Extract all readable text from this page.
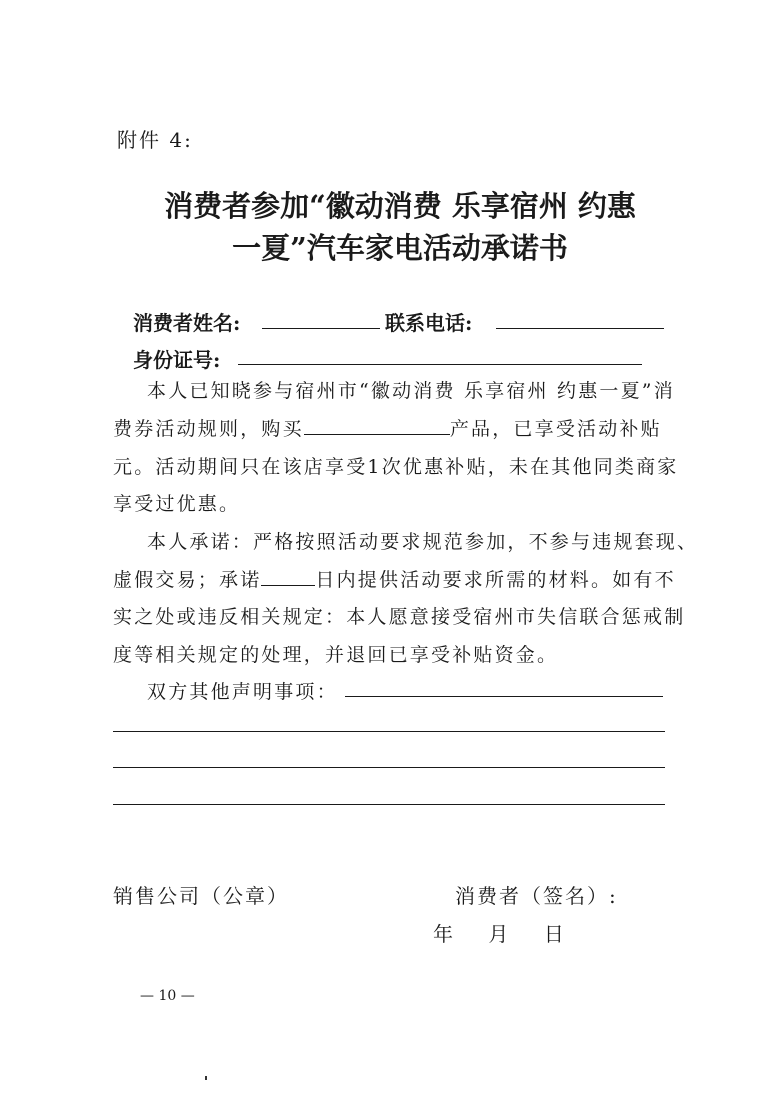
附件 4:
消费者参加“徽动消费 乐享宿州 约惠
一夏”汽车家电活动承诺书
消费者姓名:	联系电话:
身份证号:
本人已知晓参与宿州市“徽动消费 乐享宿州 约惠一夏”消
费券活动规则，购买	产品，已享受活动补贴
元。活动期间只在该店享受1次优惠补贴，未在其他同类商家
享受过优惠。
本人承诺：严格按照活动要求规范参加，不参与违规套现、
虚假交易；承诺	日内提供活动要求所需的材料。如有不
实之处或违反相关规定：本人愿意接受宿州市失信联合惩戒制
度等相关规定的处理，并退回已享受补贴资金。
双方其他声明事项：
销售公司（公章）	消费者（签名）:
年    月    日
— 10 —
